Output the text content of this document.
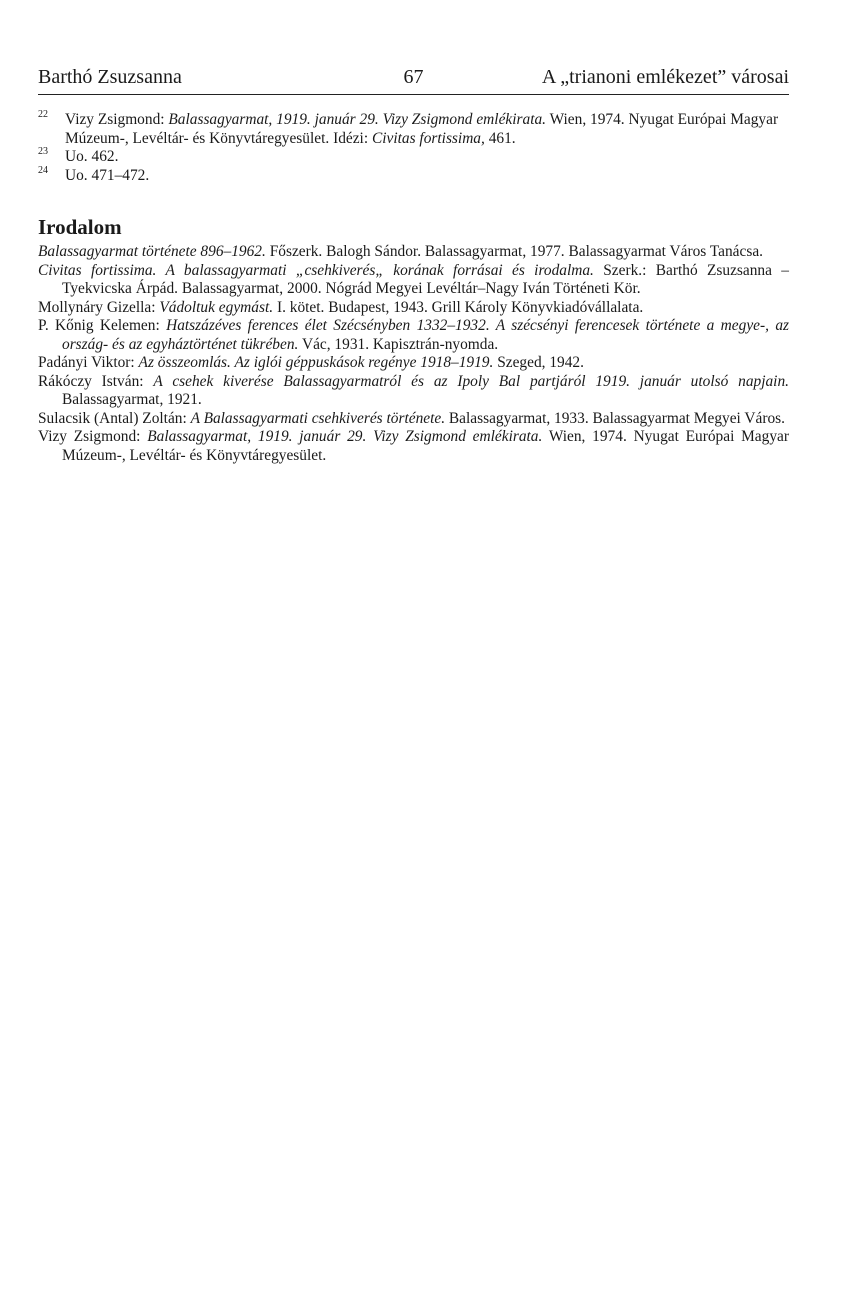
Barthó Zsuzsanna	67	A „trianoni emlékezet” városai
22 Vizy Zsigmond: Balassagyarmat, 1919. január 29. Vizy Zsigmond emlékirata. Wien, 1974. Nyugat Európai Magyar Múzeum-, Levéltár- és Könyvtáregyesület. Idézi: Civitas fortissima, 461.
23 Uo. 462.
24 Uo. 471–472.
Irodalom
Balassagyarmat története 896–1962. Főszerk. Balogh Sándor. Balassagyarmat, 1977. Balassagyarmat Város Tanácsa.
Civitas fortissima. A balassagyarmati „csehkiverés„ korának forrásai és irodalma. Szerk.: Barthó Zsuzsanna – Tyekvicska Árpád. Balassagyarmat, 2000. Nógrád Megyei Levéltár–Nagy Iván Történeti Kör.
Mollynáry Gizella: Vádoltuk egymást. I. kötet. Budapest, 1943. Grill Károly Könyvkiadóvállalata.
P. Kőnig Kelemen: Hatszázéves ferences élet Szécsényben 1332–1932. A szécsényi ferencesek története a megye-, az ország- és az egyháztörténet tükrében. Vác, 1931. Kapisztrán-nyomda.
Padányi Viktor: Az összeomlás. Az iglói géppuskások regénye 1918–1919. Szeged, 1942.
Rákóczy István: A csehek kiverése Balassagyarmatról és az Ipoly Bal partjáról 1919. január utolsó napjain. Balassagyarmat, 1921.
Sulacsik (Antal) Zoltán: A Balassagyarmati csehkiverés története. Balassagyarmat, 1933. Balassagyarmat Megyei Város.
Vizy Zsigmond: Balassagyarmat, 1919. január 29. Vizy Zsigmond emlékirata. Wien, 1974. Nyugat Európai Magyar Múzeum-, Levéltár- és Könyvtáregyesület.
